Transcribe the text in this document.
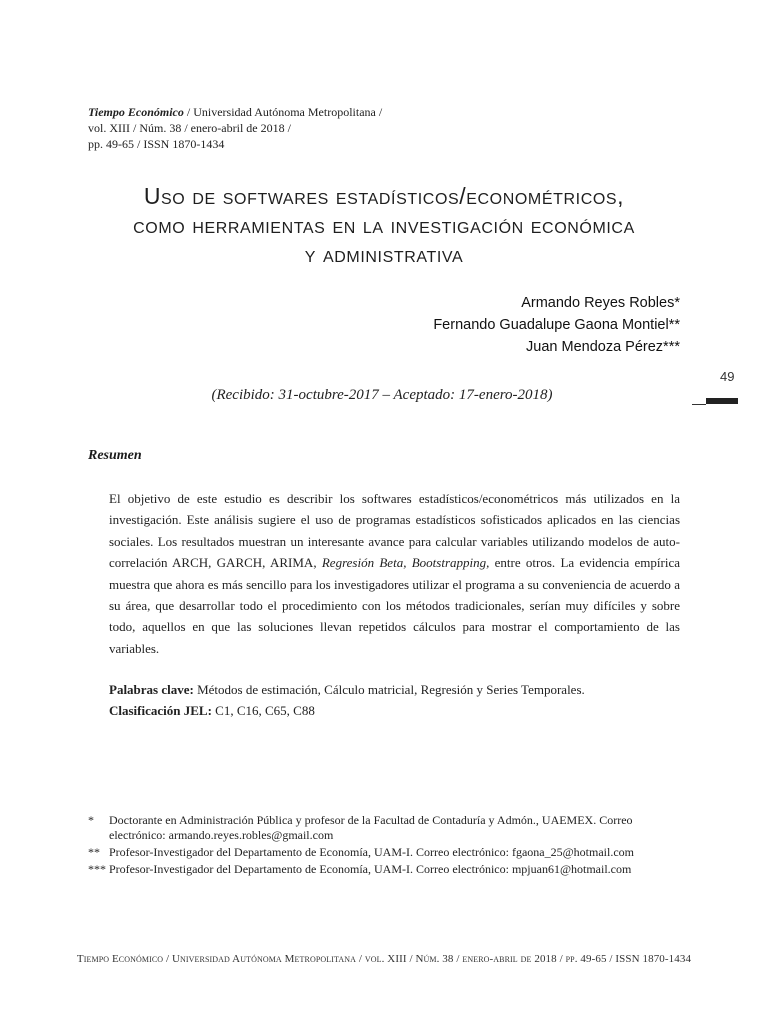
Tiempo Económico / Universidad Autónoma Metropolitana /
vol. XIII / Núm. 38 / enero-abril de 2018 /
pp. 49-65 / ISSN 1870-1434
Uso de softwares estadísticos/econométricos,
como herramientas en la investigación económica
y administrativa
Armando Reyes Robles*
Fernando Guadalupe Gaona Montiel**
Juan Mendoza Pérez***
49
(Recibido: 31-octubre-2017 – Aceptado: 17-enero-2018)
Resumen
El objetivo de este estudio es describir los softwares estadísticos/econométricos más utilizados en la investigación. Este análisis sugiere el uso de programas estadísticos sofisticados aplicados en las ciencias sociales. Los resultados muestran un interesante avance para calcular variables utilizando modelos de auto-correlación ARCH, GARCH, ARIMA, Regresión Beta, Bootstrapping, entre otros. La evidencia empírica muestra que ahora es más sencillo para los investigadores utilizar el programa a su conveniencia de acuerdo a su área, que desarrollar todo el procedimiento con los métodos tradicionales, serían muy difíciles y sobre todo, aquellos en que las soluciones llevan repetidos cálculos para mostrar el comportamiento de las variables.
Palabras clave: Métodos de estimación, Cálculo matricial, Regresión y Series Temporales.
Clasificación JEL: C1, C16, C65, C88
*	Doctorante en Administración Pública y profesor de la Facultad de Contaduría y Admón., UAEMEX. Correo electrónico: armando.reyes.robles@gmail.com
** Profesor-Investigador del Departamento de Economía, UAM-I. Correo electrónico: fgaona_25@hotmail.com
*** Profesor-Investigador del Departamento de Economía, UAM-I. Correo electrónico: mpjuan61@hotmail.com
Tiempo Económico / Universidad Autónoma Metropolitana / vol. XIII / Núm. 38 / enero-abril de 2018 / pp. 49-65 / ISSN 1870-1434
